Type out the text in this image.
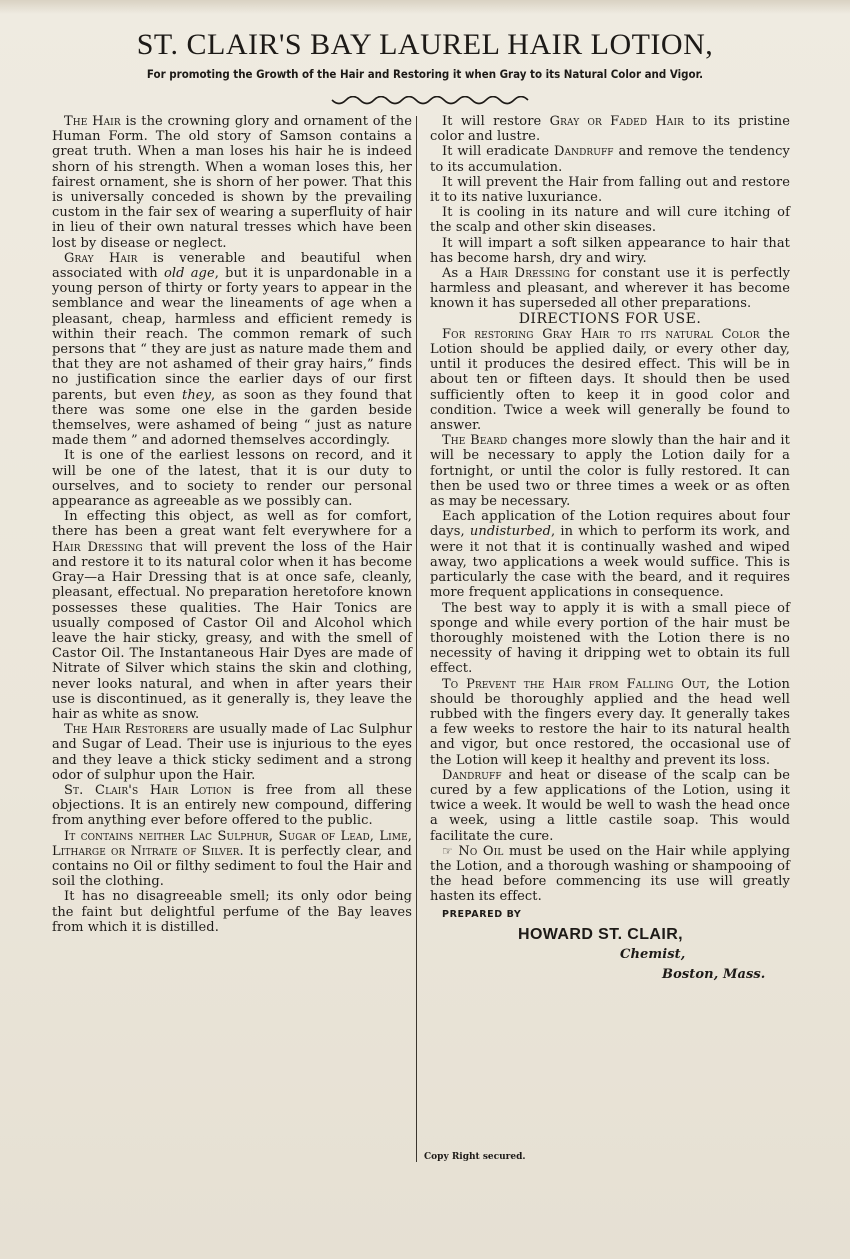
ST. CLAIR'S BAY LAUREL HAIR LOTION,
For promoting the Growth of the Hair and Restoring it when Gray to its Natural Color and Vigor.

The Hair is the crowning glory and ornament of the Human Form. The old story of Samson contains a great truth. When a man loses his hair he is indeed shorn of his strength. When a woman loses this, her fairest ornament, she is shorn of her power. That this is universally conceded is shown by the prevailing custom in the fair sex of wearing a superfluity of hair in lieu of their own natural tresses which have been lost by disease or neglect.

Gray Hair is venerable and beautiful when associated with old age, but it is unpardonable in a young person of thirty or forty years to appear in the semblance and wear the lineaments of age when a pleasant, cheap, harmless and efficient remedy is within their reach. The common remark of such persons that “ they are just as nature made them and that they are not ashamed of their gray hairs,” finds no justification since the earlier days of our first parents, but even they, as soon as they found that there was some one else in the garden beside themselves, were ashamed of being “ just as nature made them ” and adorned themselves accordingly.

It is one of the earliest lessons on record, and it will be one of the latest, that it is our duty to ourselves, and to society to render our personal appearance as agreeable as we possibly can.

In effecting this object, as well as for comfort, there has been a great want felt everywhere for a Hair Dressing that will prevent the loss of the Hair and restore it to its natural color when it has become Gray—a Hair Dressing that is at once safe, cleanly, pleasant, effectual. No preparation heretofore known possesses these qualities. The Hair Tonics are usually composed of Castor Oil and Alcohol which leave the hair sticky, greasy, and with the smell of Castor Oil. The Instantaneous Hair Dyes are made of Nitrate of Silver which stains the skin and clothing, never looks natural, and when in after years their use is discontinued, as it generally is, they leave the hair as white as snow.

The Hair Restorers are usually made of Lac Sulphur and Sugar of Lead. Their use is injurious to the eyes and they leave a thick sticky sediment and a strong odor of sulphur upon the Hair.

St. Clair's Hair Lotion is free from all these objections. It is an entirely new compound, differing from anything ever before offered to the public.

It contains neither Lac Sulphur, Sugar of Lead, Lime, Litharge or Nitrate of Silver. It is perfectly clear, and contains no Oil or filthy sediment to foul the Hair and soil the clothing.

It has no disagreeable smell; its only odor being the faint but delightful perfume of the Bay leaves from which it is distilled.

It will restore Gray or Faded Hair to its pristine color and lustre.

It will eradicate Dandruff and remove the tendency to its accumulation.

It will prevent the Hair from falling out and restore it to its native luxuriance.

It is cooling in its nature and will cure itching of the scalp and other skin diseases.

It will impart a soft silken appearance to hair that has become harsh, dry and wiry.

As a Hair Dressing for constant use it is perfectly harmless and pleasant, and wherever it has become known it has superseded all other preparations.

DIRECTIONS FOR USE.

For restoring Gray Hair to its natural Color the Lotion should be applied daily, or every other day, until it produces the desired effect. This will be in about ten or fifteen days. It should then be used sufficiently often to keep it in good color and condition. Twice a week will generally be found to answer.

The Beard changes more slowly than the hair and it will be necessary to apply the Lotion daily for a fortnight, or until the color is fully restored. It can then be used two or three times a week or as often as may be necessary.

Each application of the Lotion requires about four days, undisturbed, in which to perform its work, and were it not that it is continually washed and wiped away, two applications a week would suffice. This is particularly the case with the beard, and it requires more frequent applications in consequence.

The best way to apply it is with a small piece of sponge and while every portion of the hair must be thoroughly moistened with the Lotion there is no necessity of having it dripping wet to obtain its full effect.

To Prevent the Hair from Falling Out, the Lotion should be thoroughly applied and the head well rubbed with the fingers every day. It generally takes a few weeks to restore the hair to its natural health and vigor, but once restored, the occasional use of the Lotion will keep it healthy and prevent its loss.

Dandruff and heat or disease of the scalp can be cured by a few applications of the Lotion, using it twice a week. It would be well to wash the head once a week, using a little castile soap. This would facilitate the cure.

☞ No Oil must be used on the Hair while applying the Lotion, and a thorough washing or shampooing of the head before commencing its use will greatly hasten its effect.

PREPARED BY
HOWARD ST. CLAIR,
Chemist,
Boston, Mass.
Copy Right secured.
